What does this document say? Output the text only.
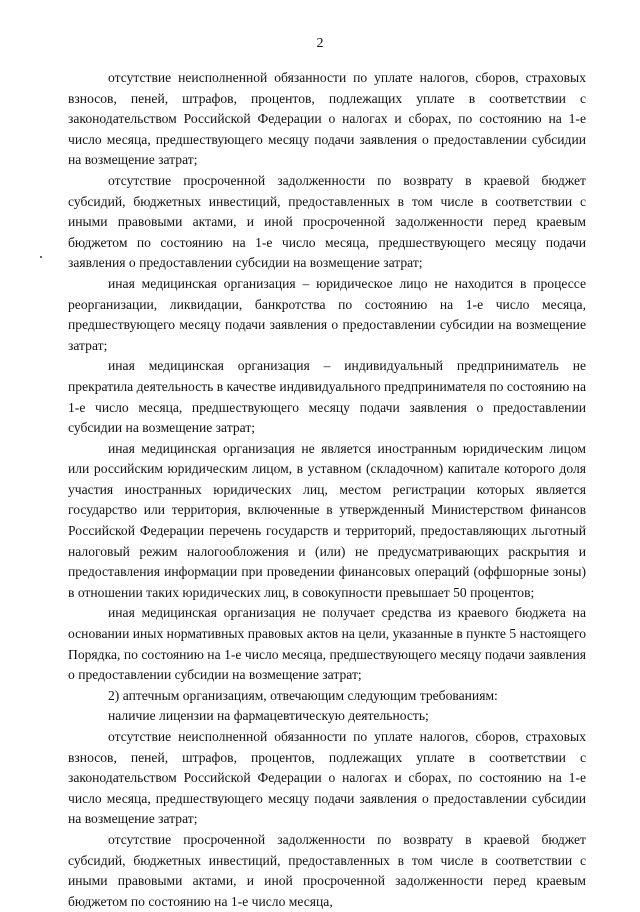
2

отсутствие неисполненной обязанности по уплате налогов, сборов, страховых взносов, пеней, штрафов, процентов, подлежащих уплате в соответствии с законодательством Российской Федерации о налогах и сборах, по состоянию на 1-е число месяца, предшествующего месяцу подачи заявления о предоставлении субсидии на возмещение затрат;

отсутствие просроченной задолженности по возврату в краевой бюджет субсидий, бюджетных инвестиций, предоставленных в том числе в соответствии с иными правовыми актами, и иной просроченной задолженности перед краевым бюджетом по состоянию на 1-е число месяца, предшествующего месяцу подачи заявления о предоставлении субсидии на возмещение затрат;

иная медицинская организация – юридическое лицо не находится в процессе реорганизации, ликвидации, банкротства по состоянию на 1-е число месяца, предшествующего месяцу подачи заявления о предоставлении субсидии на возмещение затрат;

иная медицинская организация – индивидуальный предприниматель не прекратила деятельность в качестве индивидуального предпринимателя по состоянию на 1-е число месяца, предшествующего месяцу подачи заявления о предоставлении субсидии на возмещение затрат;

иная медицинская организация не является иностранным юридическим лицом или российским юридическим лицом, в уставном (складочном) капитале которого доля участия иностранных юридических лиц, местом регистрации которых является государство или территория, включенные в утвержденный Министерством финансов Российской Федерации перечень государств и территорий, предоставляющих льготный налоговый режим налогообложения и (или) не предусматривающих раскрытия и предоставления информации при проведении финансовых операций (оффшорные зоны) в отношении таких юридических лиц, в совокупности превышает 50 процентов;

иная медицинская организация не получает средства из краевого бюджета на основании иных нормативных правовых актов на цели, указанные в пункте 5 настоящего Порядка, по состоянию на 1-е число месяца, предшествующего месяцу подачи заявления о предоставлении субсидии на возмещение затрат;

2) аптечным организациям, отвечающим следующим требованиям:

наличие лицензии на фармацевтическую деятельность;

отсутствие неисполненной обязанности по уплате налогов, сборов, страховых взносов, пеней, штрафов, процентов, подлежащих уплате в соответствии с законодательством Российской Федерации о налогах и сборах, по состоянию на 1-е число месяца, предшествующего месяцу подачи заявления о предоставлении субсидии на возмещение затрат;

отсутствие просроченной задолженности по возврату в краевой бюджет субсидий, бюджетных инвестиций, предоставленных в том числе в соответствии с иными правовыми актами, и иной просроченной задолженности перед краевым бюджетом по состоянию на 1-е число месяца,
